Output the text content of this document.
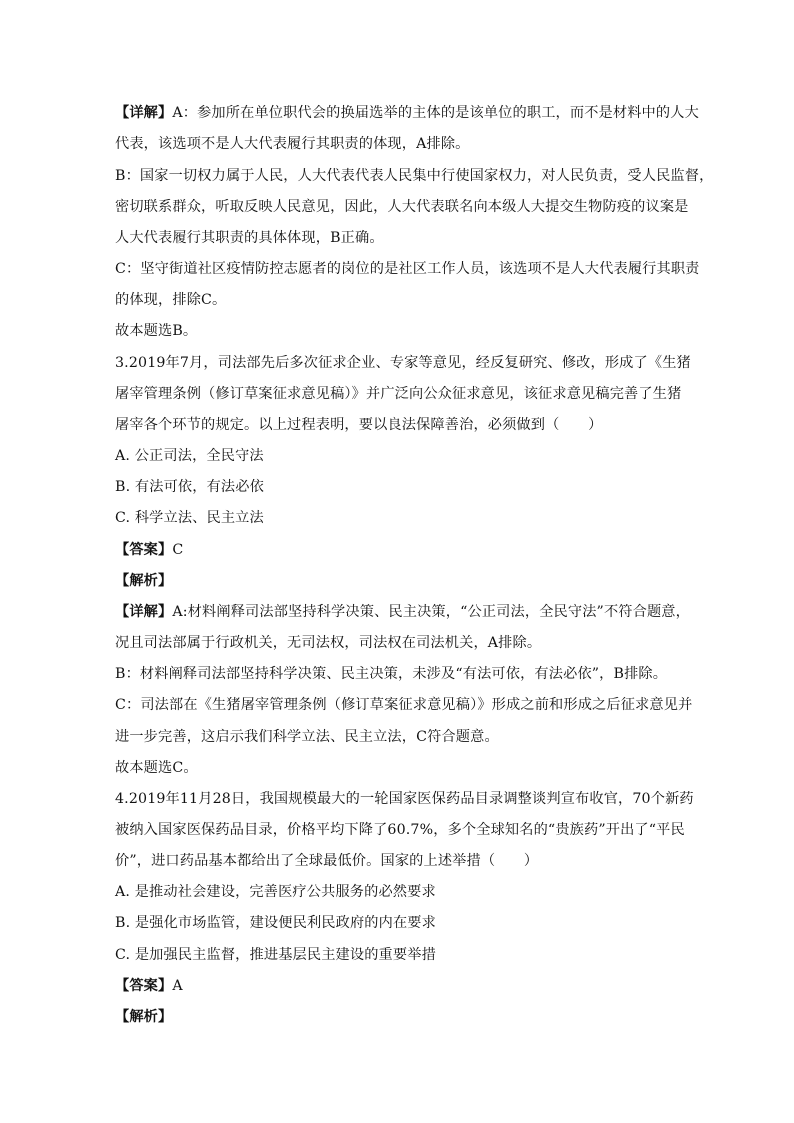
【详解】A：参加所在单位职代会的换届选举的主体的是该单位的职工，而不是材料中的人大
代表，该选项不是人大代表履行其职责的体现，A排除。
B：国家一切权力属于人民，人大代表代表人民集中行使国家权力，对人民负责，受人民监督，
密切联系群众，听取反映人民意见，因此，人大代表联名向本级人大提交生物防疫的议案是
人大代表履行其职责的具体体现，B正确。
C：坚守街道社区疫情防控志愿者的岗位的是社区工作人员，该选项不是人大代表履行其职责
的体现，排除C。
故本题选B。
3.2019年7月，司法部先后多次征求企业、专家等意见，经反复研究、修改，形成了《生猪
屠宰管理条例（修订草案征求意见稿）》并广泛向公众征求意见，该征求意见稿完善了生猪
屠宰各个环节的规定。以上过程表明，要以良法保障善治，必须做到（　　）
A. 公正司法，全民守法
B. 有法可依，有法必依
C. 科学立法、民主立法
【答案】C
【解析】
【详解】A:材料阐释司法部坚持科学决策、民主决策，“公正司法，全民守法”不符合题意，
况且司法部属于行政机关，无司法权，司法权在司法机关，A排除。
B：材料阐释司法部坚持科学决策、民主决策，未涉及“有法可依，有法必依”，B排除。
C：司法部在《生猪屠宰管理条例（修订草案征求意见稿）》形成之前和形成之后征求意见并
进一步完善，这启示我们科学立法、民主立法，C符合题意。
故本题选C。
4.2019年11月28日，我国规模最大的一轮国家医保药品目录调整谈判宣布收官，70个新药
被纳入国家医保药品目录，价格平均下降了60.7%，多个全球知名的“贵族药”开出了“平民
价”，进口药品基本都给出了全球最低价。国家的上述举措（　　）
A. 是推动社会建设，完善医疗公共服务的必然要求
B. 是强化市场监管，建设便民利民政府的内在要求
C. 是加强民主监督，推进基层民主建设的重要举措
【答案】A
【解析】
